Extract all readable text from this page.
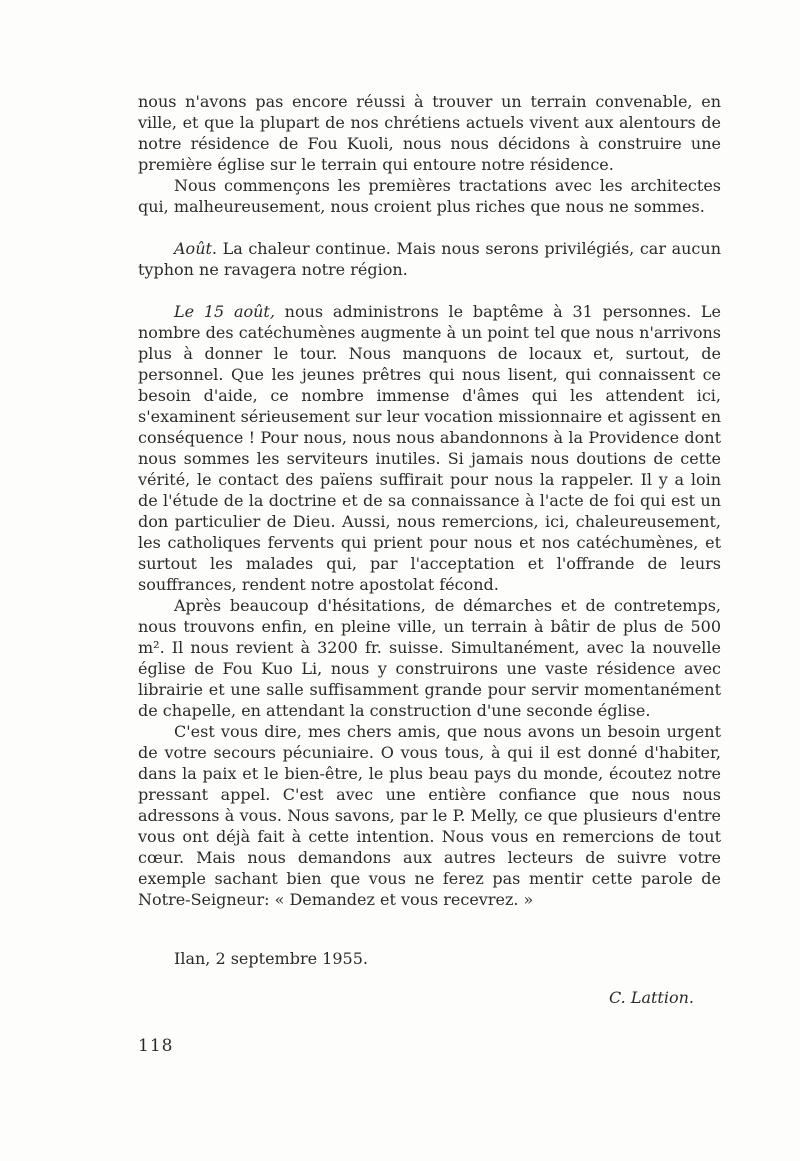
nous n'avons pas encore réussi à trouver un terrain convenable, en ville, et que la plupart de nos chrétiens actuels vivent aux alentours de notre résidence de Fou Kuoli, nous nous décidons à construire une première église sur le terrain qui entoure notre résidence.

Nous commençons les premières tractations avec les architectes qui, malheureusement, nous croient plus riches que nous ne sommes.

Août. La chaleur continue. Mais nous serons privilégiés, car aucun typhon ne ravagera notre région.

Le 15 août, nous administrons le baptême à 31 personnes. Le nombre des catéchumènes augmente à un point tel que nous n'arrivons plus à donner le tour. Nous manquons de locaux et, surtout, de personnel. Que les jeunes prêtres qui nous lisent, qui connaissent ce besoin d'aide, ce nombre immense d'âmes qui les attendent ici, s'examinent sérieusement sur leur vocation missionnaire et agissent en conséquence ! Pour nous, nous nous abandonnons à la Providence dont nous sommes les serviteurs inutiles. Si jamais nous doutions de cette vérité, le contact des païens suffirait pour nous la rappeler. Il y a loin de l'étude de la doctrine et de sa connaissance à l'acte de foi qui est un don particulier de Dieu. Aussi, nous remercions, ici, chaleureusement, les catholiques fervents qui prient pour nous et nos catéchumènes, et surtout les malades qui, par l'acceptation et l'offrande de leurs souffrances, rendent notre apostolat fécond.

Après beaucoup d'hésitations, de démarches et de contretemps, nous trouvons enfin, en pleine ville, un terrain à bâtir de plus de 500 m². Il nous revient à 3200 fr. suisse. Simultanément, avec la nouvelle église de Fou Kuo Li, nous y construirons une vaste résidence avec librairie et une salle suffisamment grande pour servir momentanément de chapelle, en attendant la construction d'une seconde église.

C'est vous dire, mes chers amis, que nous avons un besoin urgent de votre secours pécuniaire. O vous tous, à qui il est donné d'habiter, dans la paix et le bien-être, le plus beau pays du monde, écoutez notre pressant appel. C'est avec une entière confiance que nous nous adressons à vous. Nous savons, par le P. Melly, ce que plusieurs d'entre vous ont déjà fait à cette intention. Nous vous en remercions de tout cœur. Mais nous demandons aux autres lecteurs de suivre votre exemple sachant bien que vous ne ferez pas mentir cette parole de Notre-Seigneur: « Demandez et vous recevrez. »

Ilan, 2 septembre 1955.

C. Lattion.

118
